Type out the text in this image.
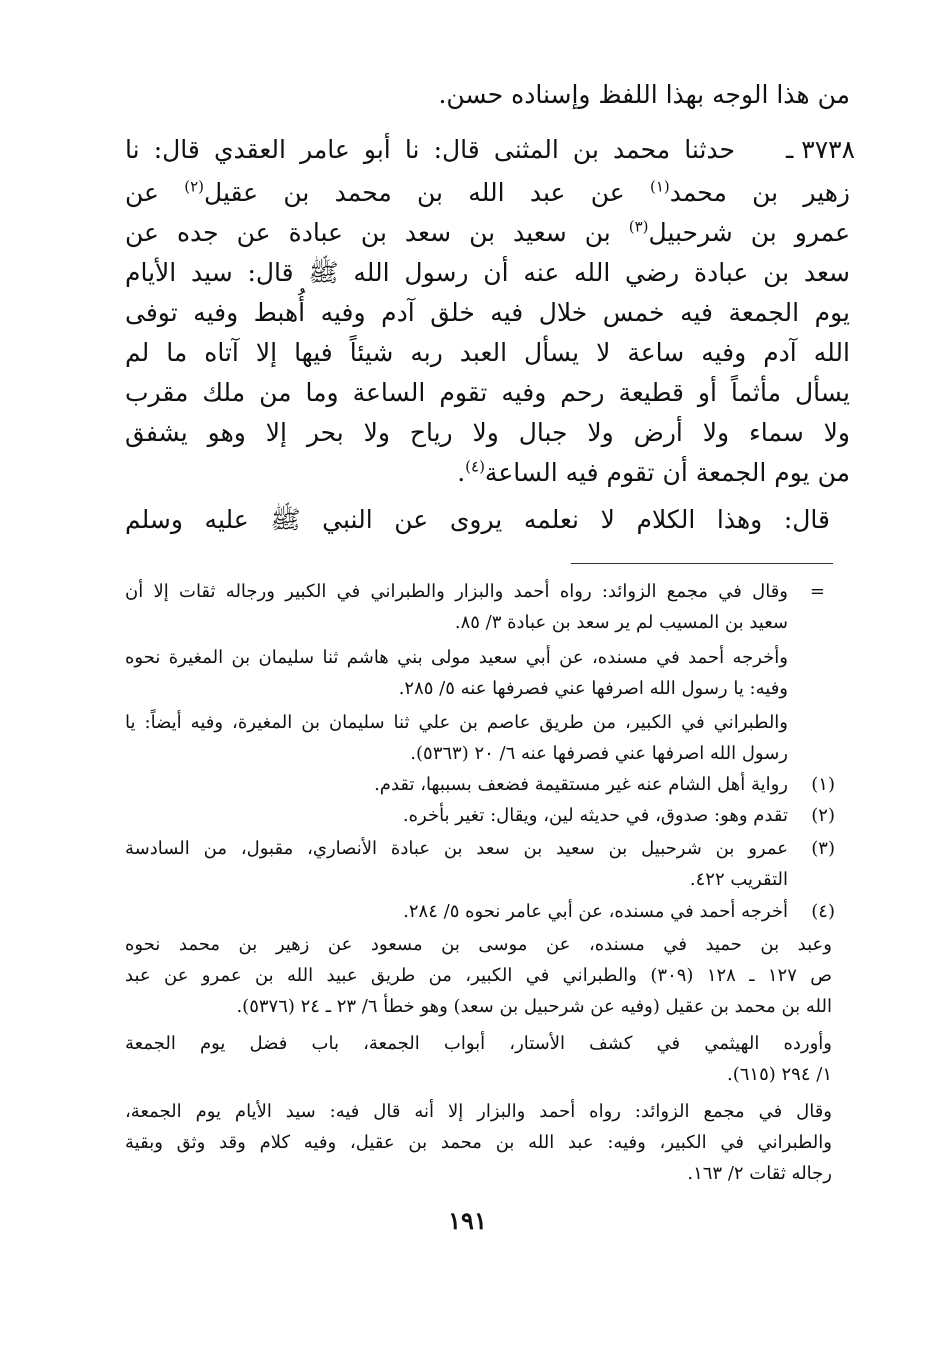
من هذا الوجه بهذا اللفظ وإسناده حسن.

٣٧٣٨ ـ

حدثنا محمد بن المثنى قال: نا أبو عامر العقدي قال: نا

زهير بن محمد$^{(١)}$ عن عبد الله بن محمد بن عقيل$^{(٢)}$ عن

عمرو بن شرحبيل$^{(٣)}$ بن سعيد بن سعد بن عبادة عن جده عن

سعد بن عبادة رضي الله عنه أن رسول الله ﷺ قال: سيد الأيام

يوم الجمعة فيه خمس خلال فيه خلق آدم وفيه أُهبط وفيه توفى

الله آدم وفيه ساعة لا يسأل العبد ربه شيئاً فيها إلا آتاه ما لم

يسأل مأثماً أو قطيعة رحم وفيه تقوم الساعة وما من ملك مقرب

ولا سماء ولا أرض ولا جبال ولا رياح ولا بحر إلا وهو يشفق

من يوم الجمعة أن تقوم فيه الساعة$^{(٤)}$.

قال: وهذا الكلام لا نعلمه يروى عن النبي ﷺ عليه وسلم

=
وقال في مجمع الزوائد: رواه أحمد والبزار والطبراني في الكبير ورجاله ثقات إلا أن
سعيد بن المسيب لم ير سعد بن عبادة ٣/ ٨٥.
وأخرجه أحمد في مسنده، عن أبي سعيد مولى بني هاشم ثنا سليمان بن المغيرة نحوه
وفيه: يا رسول الله اصرفها عني فصرفها عنه ٥/ ٢٨٥.
والطبراني في الكبير، من طريق عاصم بن علي ثنا سليمان بن المغيرة، وفيه أيضاً: يا
رسول الله اصرفها عني فصرفها عنه ٦/ ٢٠ (٥٣٦٣).
(١)
رواية أهل الشام عنه غير مستقيمة فضعف بسببها، تقدم.
(٢)
تقدم وهو: صدوق، في حديثه لين، ويقال: تغير بأخره.
(٣)
عمرو بن شرحبيل بن سعيد بن سعد بن عبادة الأنصاري، مقبول، من السادسة
التقريب ٤٢٢.
(٤)
أخرجه أحمد في مسنده، عن أبي عامر نحوه ٥/ ٢٨٤.
وعبد بن حميد في مسنده، عن موسى بن مسعود عن زهير بن محمد نحوه
ص ١٢٧ ـ ١٢٨ (٣٠٩) والطبراني في الكبير، من طريق عبيد الله بن عمرو عن عبد
الله بن محمد بن عقيل (وفيه عن شرحبيل بن سعد) وهو خطأ ٦/ ٢٣ ـ ٢٤ (٥٣٧٦).
وأورده الهيثمي في كشف الأستار، أبواب الجمعة، باب فضل يوم الجمعة
١/ ٢٩٤ (٦١٥).
وقال في مجمع الزوائد: رواه أحمد والبزار إلا أنه قال فيه: سيد الأيام يوم الجمعة،
والطبراني في الكبير، وفيه: عبد الله بن محمد بن عقيل، وفيه كلام وقد وثق وبقية
رجاله ثقات ٢/ ١٦٣.
١٩١
